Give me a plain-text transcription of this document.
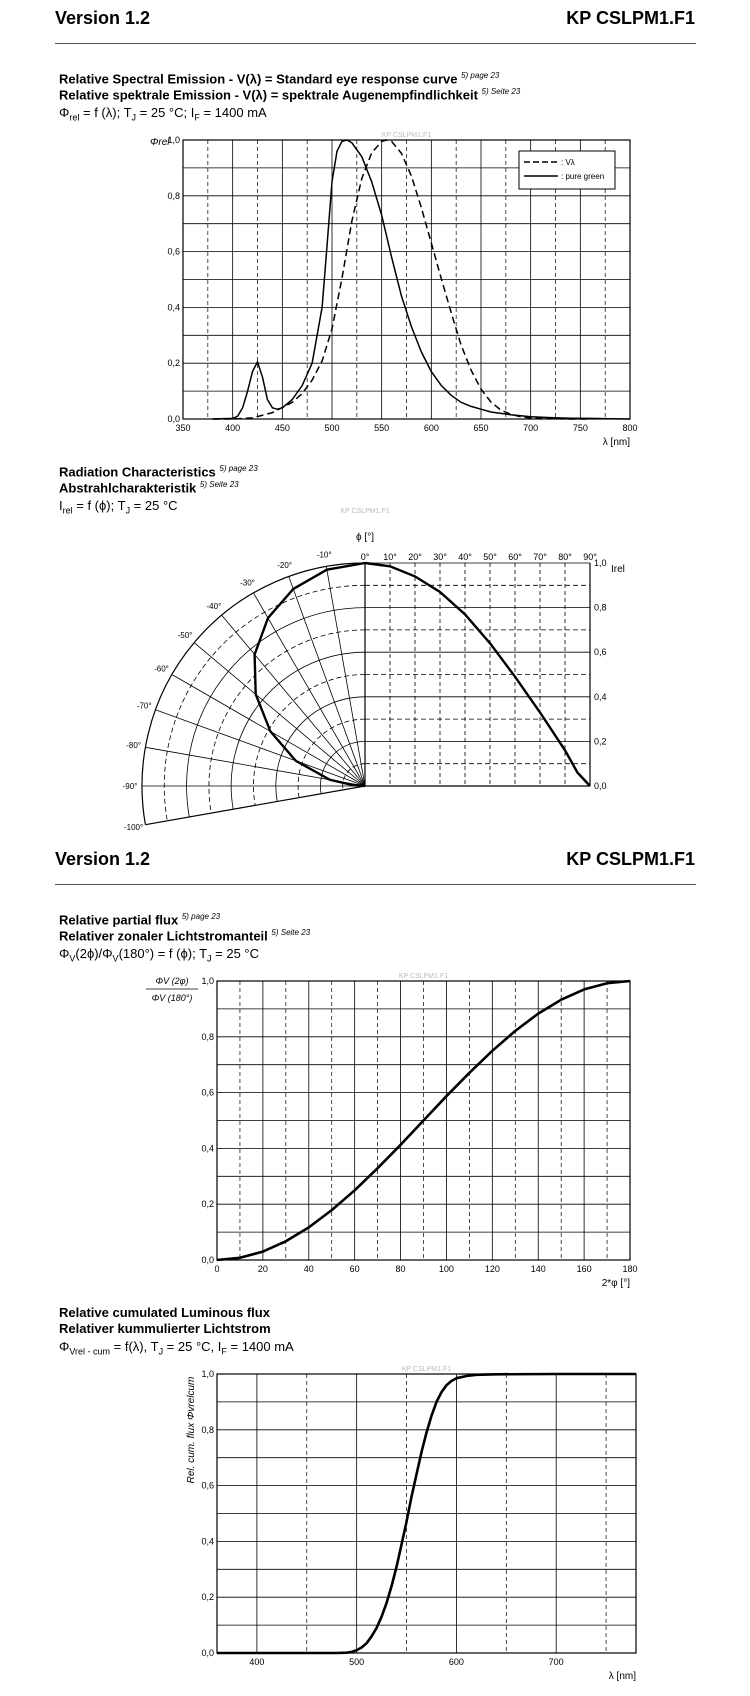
Version 1.2	KP CSLPM1.F1
Relative Spectral Emission - V(λ) = Standard eye response curve $^{5) page 23}$
Relative spektrale Emission - V(λ) = spektrale Augenempfindlichkeit $^{5) Seite 23}$
$\Phi_{rel} = f$ (λ); $T_J = 25$ °C; $I_F = 1400$ mA
KP CSLPM1.F1
350	400	450	500	550	600	650	700	750	800
0,0
0,2
0,4
0,6
0,8
1,0
λ [nm]
Φrel
: Vλ
: pure green
Radiation Characteristics $^{5) page 23}$
Abstrahlcharakteristik $^{5) Seite 23}$
$I_{rel} = f$ (ϕ); $T_J = 25$ °C	KP CSLPM1.F1
-10°
-20°
-30°
-40°
-50°
-60°
-70°
-80°
-90°
-100°
0° 10° 20° 30° 40° 50° 60° 70° 80° 90°
0,0
0,2
0,4
0,6
0,8
1,0
ϕ [°]
Irel
Version 1.2	KP CSLPM1.F1
Relative partial flux $^{5) page 23}$
Relativer zonaler Lichtstromanteil $^{5) Seite 23}$
$\Phi_V(2\phi)/\Phi_V(180^\circ) = f$ (ϕ); $T_J = 25$ °C
KP CSLPM1.F1
0	20	40	60	80	100	120	140	160	180
0,0
0,2
0,4
0,6
0,8
1,0
2*φ [°]
ΦV (2φ)
ΦV (180°)
Relative cumulated Luminous flux
Relativer kummulierter Lichtstrom
$\Phi_{Vrel - cum} = f(\lambda)$, $T_J = 25$ °C, $I_F = 1400$ mA
KP CSLPM1.F1
400	500	600	700
0,0
0,2
0,4
0,6
0,8
1,0
λ [nm]
Rel. cum. flux Φvrelcum
